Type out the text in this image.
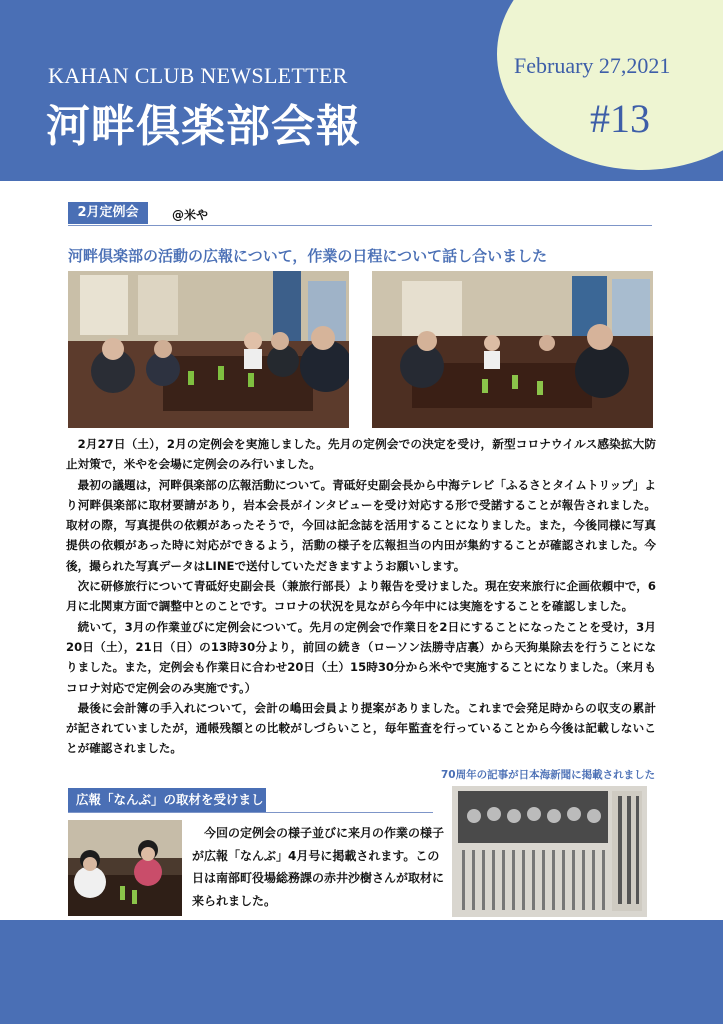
KAHAN CLUB NEWSLETTER
河畔倶楽部会報
February 27,2021
#13
2月定例会	@米や
河畔倶楽部の活動の広報について，作業の日程について話し合いました

2月27日（土），2月の定例会を実施しました。先月の定例会での決定を受け，新型コロナウイルス感染拡大防止対策で，米やを会場に定例会のみ行いました。

最初の議題は，河畔倶楽部の広報活動について。青砥好史副会長から中海テレビ「ふるさとタイムトリップ」より河畔倶楽部に取材要請があり，岩本会長がインタビューを受け対応する形で受諾することが報告されました。取材の際，写真提供の依頼があったそうで，今回は記念誌を活用することになりました。また，今後同様に写真提供の依頼があった時に対応ができるよう，活動の様子を広報担当の内田が集約することが確認されました。今後，撮られた写真データはLINEで送付していただきますようお願いします。

次に研修旅行について青砥好史副会長（兼旅行部長）より報告を受けました。現在安来旅行に企画依頼中で，6月に北関東方面で調整中とのことです。コロナの状況を見ながら今年中には実施をすることを確認しました。

続いて，3月の作業並びに定例会について。先月の定例会で作業日を2日にすることになったことを受け，3月20日（土），21日（日）の13時30分より，前回の続き（ローソン法勝寺店裏）から天狗巣除去を行うことになりました。また，定例会も作業日に合わせ20日（土）15時30分から米やで実施することになりました。（来月もコロナ対応で定例会のみ実施です。）

最後に会計簿の手入れについて，会計の嶋田会員より提案がありました。これまで会発足時からの収支の累計が記されていましたが，通帳残額との比較がしづらいこと，毎年監査を行っていることから今後は記載しないことが確認されました。

70周年の記事が日本海新聞に掲載されました
広報「なんぶ」の取材を受けまし

今回の定例会の様子並びに来月の作業の様子が広報「なんぶ」4月号に掲載されます。この日は南部町役場総務課の赤井沙樹さんが取材に来られました。
